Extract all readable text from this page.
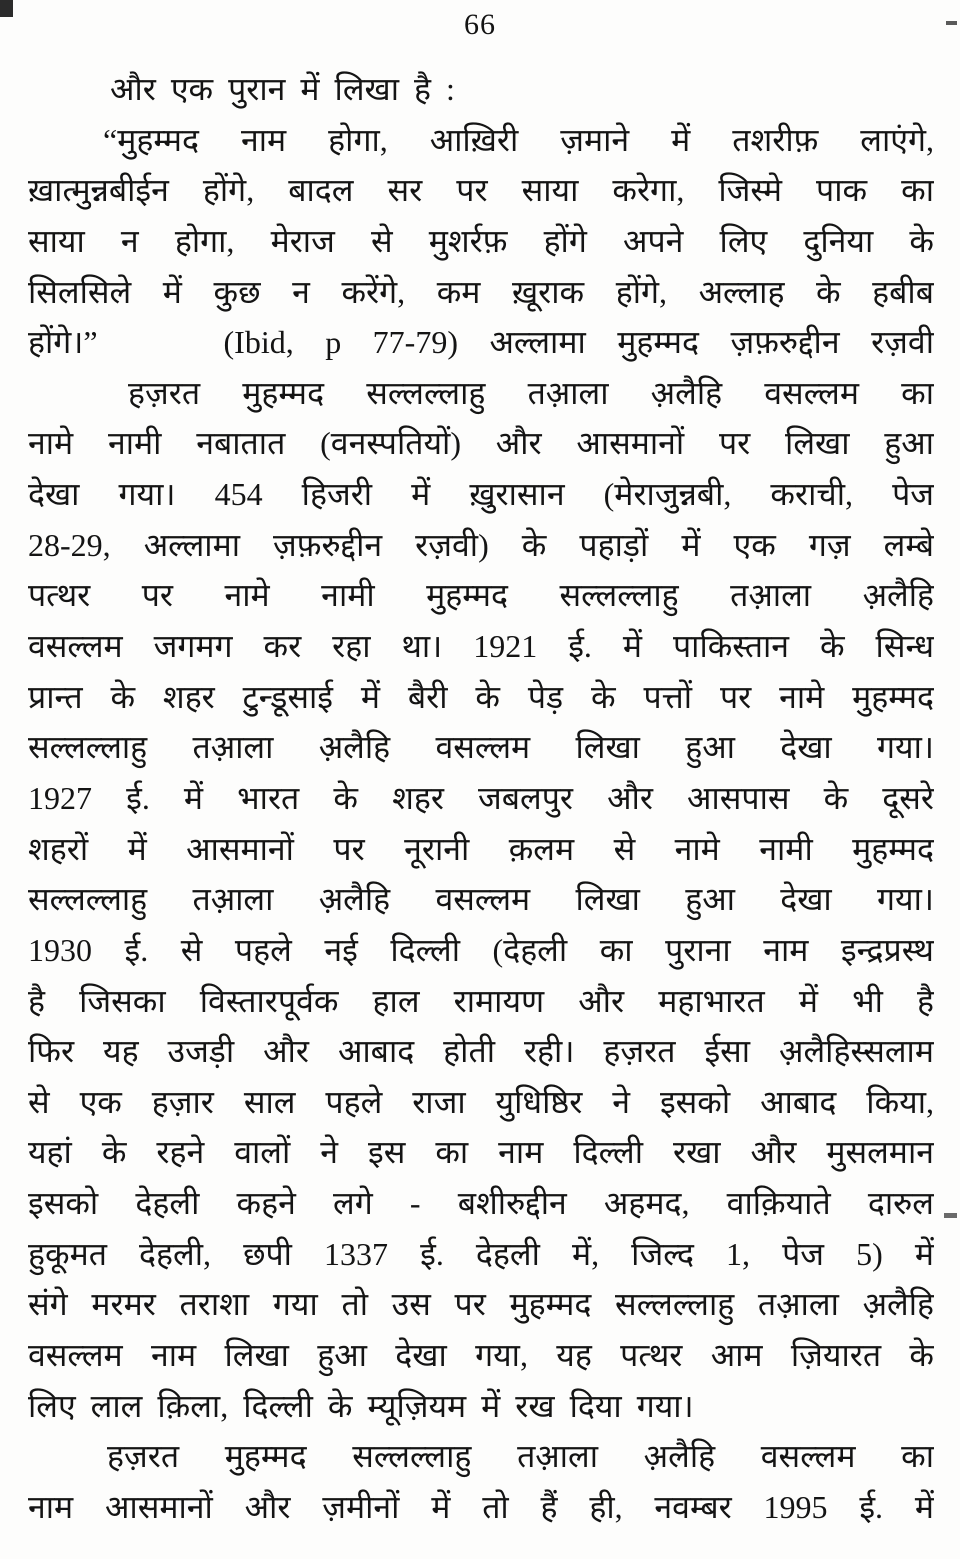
66
और एक पुरान में लिखा है :
“मुहम्मद नाम होगा, आख़िरी ज़माने में तशरीफ़ लाएंगे,
ख़ात्मुन्नबीईन होंगे, बादल सर पर साया करेगा, जिस्मे पाक का
साया न होगा, मेराज से मुशर्रफ़ होंगे अपने लिए दुनिया के
सिलसिले में कुछ न करेंगे, कम ख़ूराक होंगे, अल्लाह के हबीब
होंगे।”    (Ibid, p 77-79) अल्लामा मुहम्मद ज़फ़रुद्दीन रज़वी
हज़रत मुहम्मद सल्लल्लाहु तआ़ला अ़लैहि वसल्लम का
नामे नामी नबातात (वनस्पतियों) और आसमानों पर लिखा हुआ
देखा गया। 454 हिजरी में ख़ुरासान (मेराजुन्नबी, कराची, पेज
28-29, अल्लामा ज़फ़रुद्दीन रज़वी) के पहाड़ों में एक गज़ लम्बे
पत्थर पर नामे नामी मुहम्मद सल्लल्लाहु तआ़ला अ़लैहि
वसल्लम जगमग कर रहा था। 1921 ई. में पाकिस्तान के सिन्ध
प्रान्त के शहर टुन्डूसाई में बैरी के पेड़ के पत्तों पर नामे मुहम्मद
सल्लल्लाहु तआ़ला अ़लैहि वसल्लम लिखा हुआ देखा गया।
1927 ई. में भारत के शहर जबलपुर और आसपास के दूसरे
शहरों में आसमानों पर नूरानी क़लम से नामे नामी मुहम्मद
सल्लल्लाहु तआ़ला अ़लैहि वसल्लम लिखा हुआ देखा गया।
1930 ई. से पहले नई दिल्ली (देहली का पुराना नाम इन्द्रप्रस्थ
है जिसका विस्तारपूर्वक हाल रामायण और महाभारत में भी है
फिर यह उजड़ी और आबाद होती रही। हज़रत ईसा अ़लैहिस्सलाम
से एक हज़ार साल पहले राजा युधिष्ठिर ने इसको आबाद किया,
यहां के रहने वालों ने इस का नाम दिल्ली रखा और मुसलमान
इसको देहली कहने लगे - बशीरुद्दीन अहमद, वाक़ियाते दारुल
हुकूमत देहली, छपी 1337 ई. देहली में, जिल्द 1, पेज 5) में
संगे मरमर तराशा गया तो उस पर मुहम्मद सल्लल्लाहु तआ़ला अ़लैहि
वसल्लम नाम लिखा हुआ देखा गया, यह पत्थर आम ज़ियारत के
लिए लाल क़िला, दिल्ली के म्यूज़ियम में रख दिया गया।
हज़रत मुहम्मद सल्लल्लाहु तआ़ला अ़लैहि वसल्लम का
नाम आसमानों और ज़मीनों में तो हैं ही, नवम्बर 1995 ई. में
